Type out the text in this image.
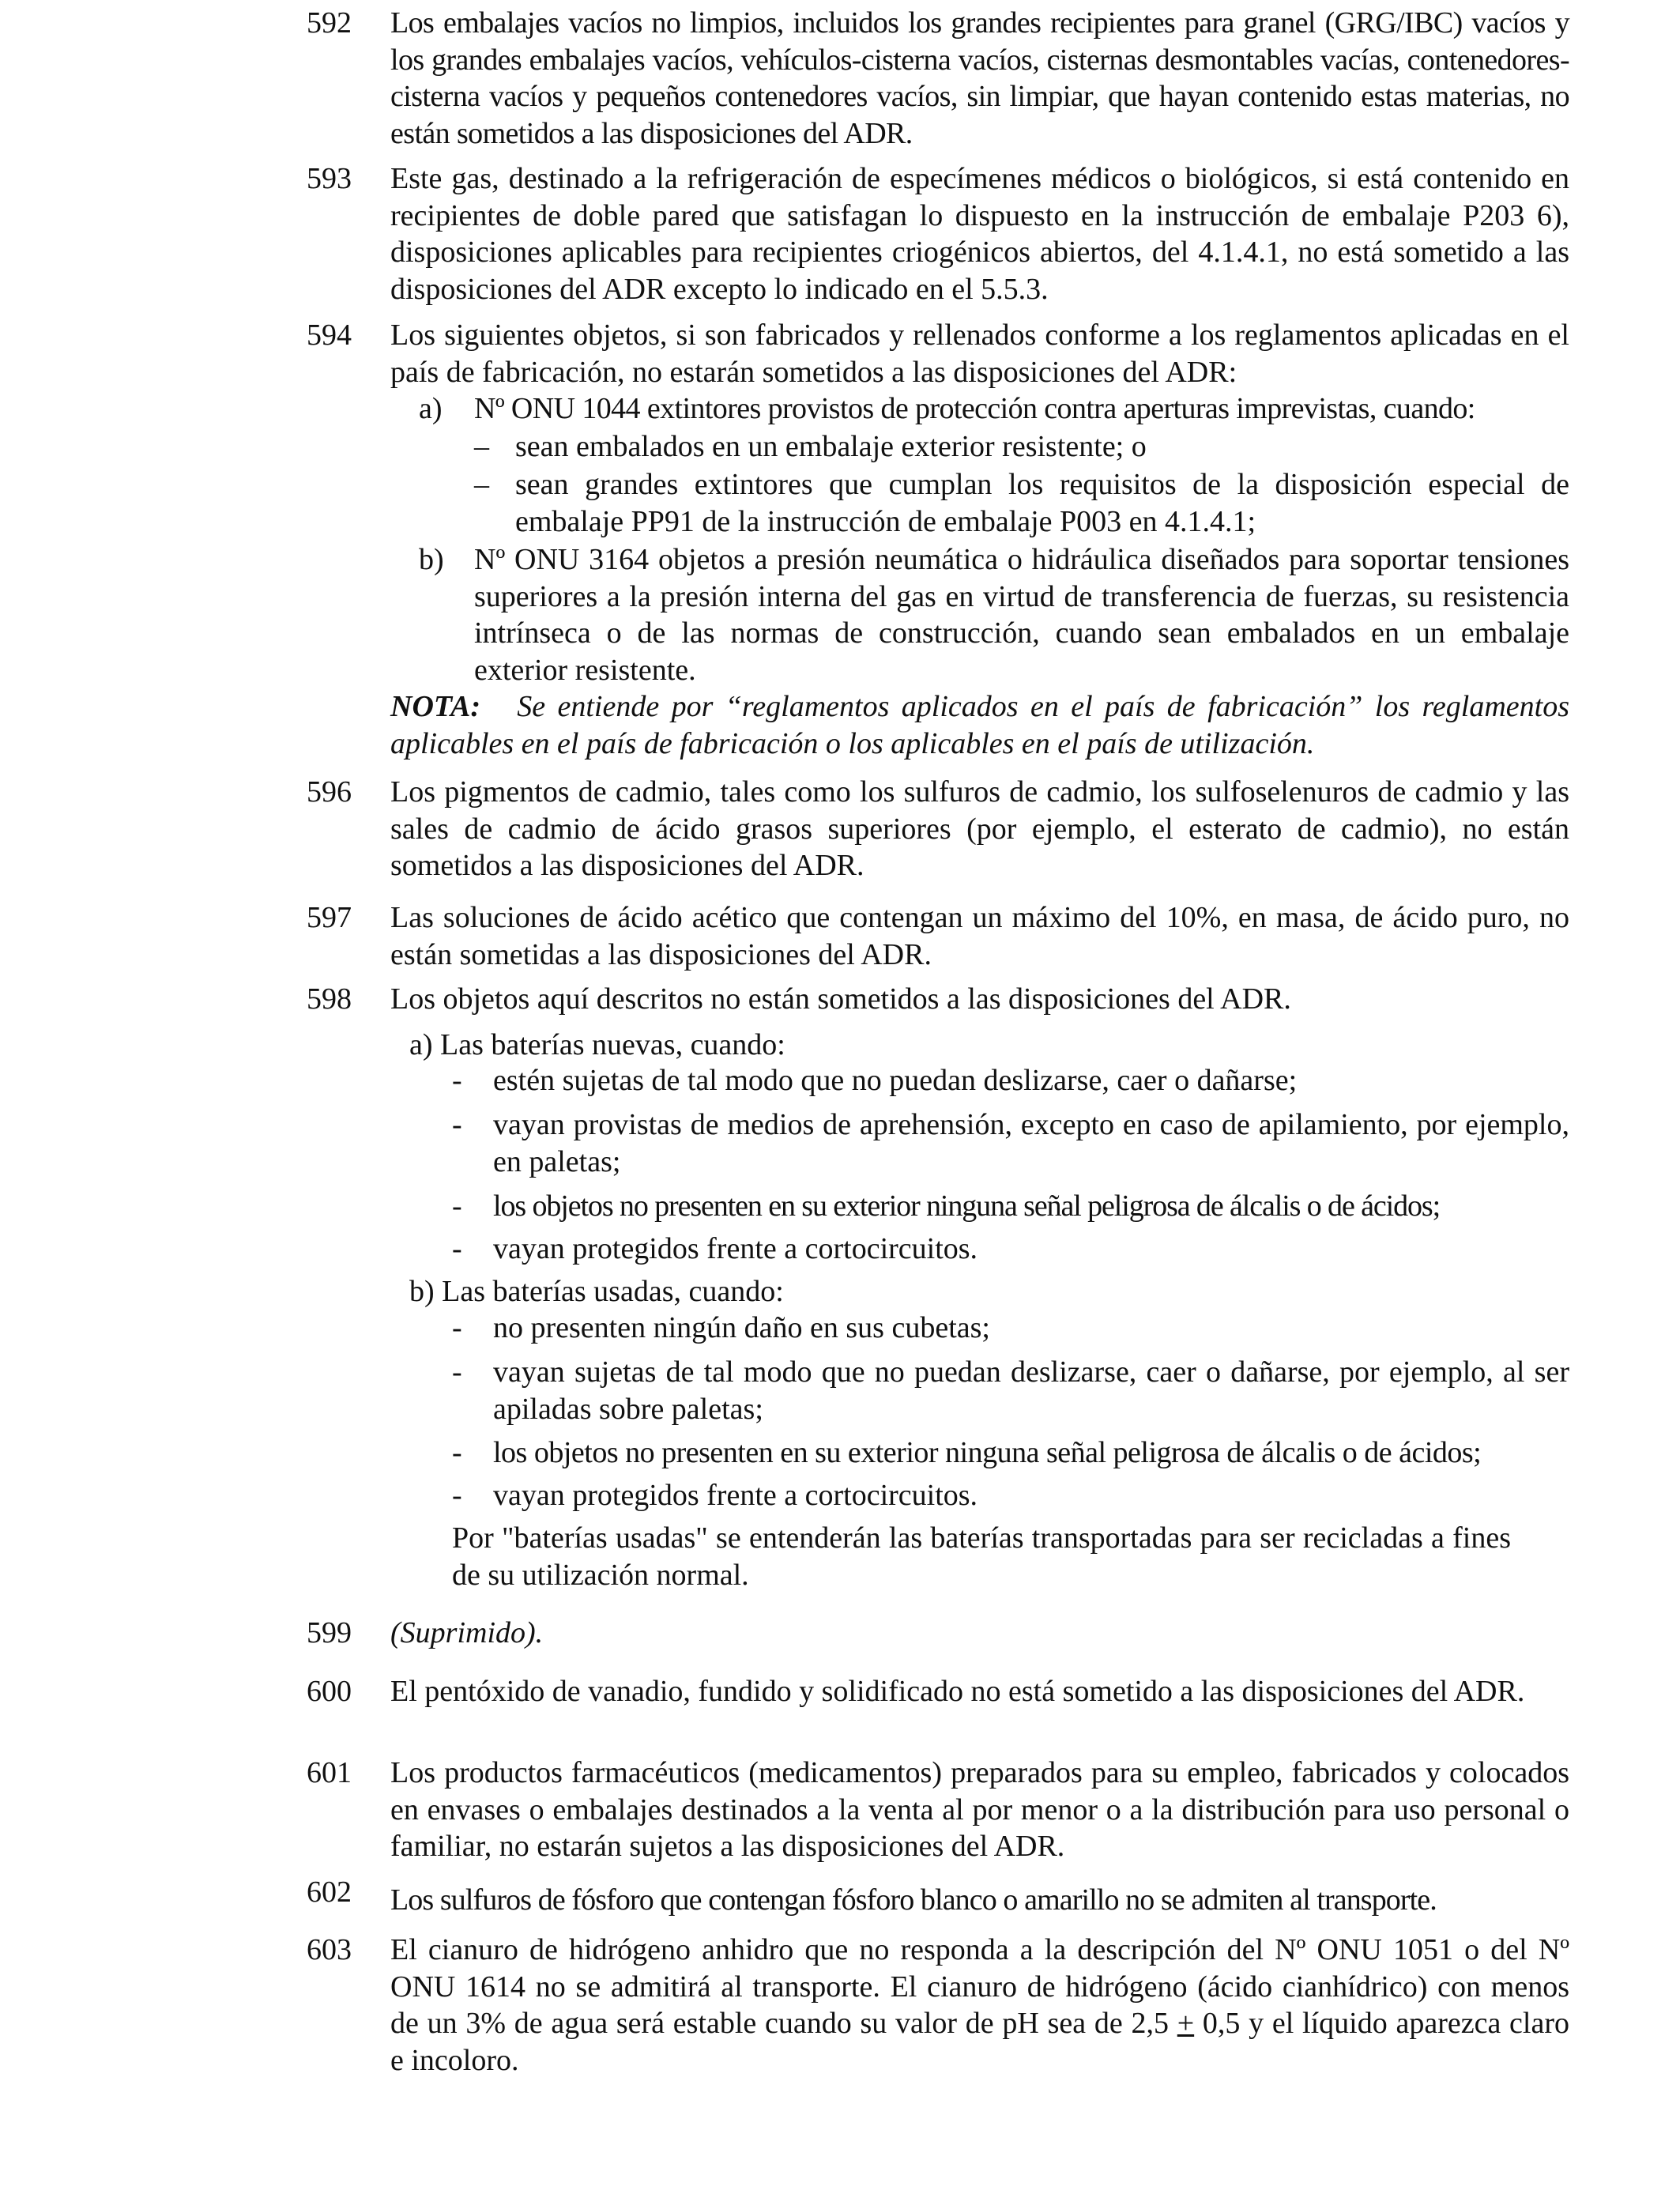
592 Los embalajes vacíos no limpios, incluidos los grandes recipientes para granel (GRG/IBC) vacíos y los grandes embalajes vacíos, vehículos-cisterna vacíos, cisternas desmontables vacías, contenedores-cisterna vacíos y pequeños contenedores vacíos, sin limpiar, que hayan contenido estas materias, no están sometidos a las disposiciones del ADR.
593 Este gas, destinado a la refrigeración de especímenes médicos o biológicos, si está contenido en recipientes de doble pared que satisfagan lo dispuesto en la instrucción de embalaje P203 6), disposiciones aplicables para recipientes criogénicos abiertos, del 4.1.4.1, no está sometido a las disposiciones del ADR excepto lo indicado en el 5.5.3.
594 Los siguientes objetos, si son fabricados y rellenados conforme a los reglamentos aplicadas en el país de fabricación, no estarán sometidos a las disposiciones del ADR:
a) Nº ONU 1044 extintores provistos de protección contra aperturas imprevistas, cuando:
– sean embalados en un embalaje exterior resistente; o
– sean grandes extintores que cumplan los requisitos de la disposición especial de embalaje PP91 de la instrucción de embalaje P003 en 4.1.4.1;
b) Nº ONU 3164 objetos a presión neumática o hidráulica diseñados para soportar tensiones superiores a la presión interna del gas en virtud de transferencia de fuerzas, su resistencia intrínseca o de las normas de construcción, cuando sean embalados en un embalaje exterior resistente.
NOTA: Se entiende por “reglamentos aplicados en el país de fabricación” los reglamentos aplicables en el país de fabricación o los aplicables en el país de utilización.
596 Los pigmentos de cadmio, tales como los sulfuros de cadmio, los sulfoselenuros de cadmio y las sales de cadmio de ácido grasos superiores (por ejemplo, el esterato de cadmio), no están sometidos a las disposiciones del ADR.
597 Las soluciones de ácido acético que contengan un máximo del 10%, en masa, de ácido puro, no están sometidas a las disposiciones del ADR.
598 Los objetos aquí descritos no están sometidos a las disposiciones del ADR.
a) Las baterías nuevas, cuando:
- estén sujetas de tal modo que no puedan deslizarse, caer o dañarse;
- vayan provistas de medios de aprehensión, excepto en caso de apilamiento, por ejemplo, en paletas;
- los objetos no presenten en su exterior ninguna señal peligrosa de álcalis o de ácidos;
- vayan protegidos frente a cortocircuitos.
b) Las baterías usadas, cuando:
- no presenten ningún daño en sus cubetas;
- vayan sujetas de tal modo que no puedan deslizarse, caer o dañarse, por ejemplo, al ser apiladas sobre paletas;
- los objetos no presenten en su exterior ninguna señal peligrosa de álcalis o de ácidos;
- vayan protegidos frente a cortocircuitos.
Por "baterías usadas" se entenderán las baterías transportadas para ser recicladas a fines de su utilización normal.
599 (Suprimido).
600 El pentóxido de vanadio, fundido y solidificado no está sometido a las disposiciones del ADR.
601 Los productos farmacéuticos (medicamentos) preparados para su empleo, fabricados y colocados en envases o embalajes destinados a la venta al por menor o a la distribución para uso personal o familiar, no estarán sujetos a las disposiciones del ADR.
602 Los sulfuros de fósforo que contengan fósforo blanco o amarillo no se admiten al transporte.
603 El cianuro de hidrógeno anhidro que no responda a la descripción del Nº ONU 1051 o del Nº ONU 1614 no se admitirá al transporte. El cianuro de hidrógeno (ácido cianhídrico) con menos de un 3% de agua será estable cuando su valor de pH sea de 2,5 + 0,5 y el líquido aparezca claro e incoloro.
